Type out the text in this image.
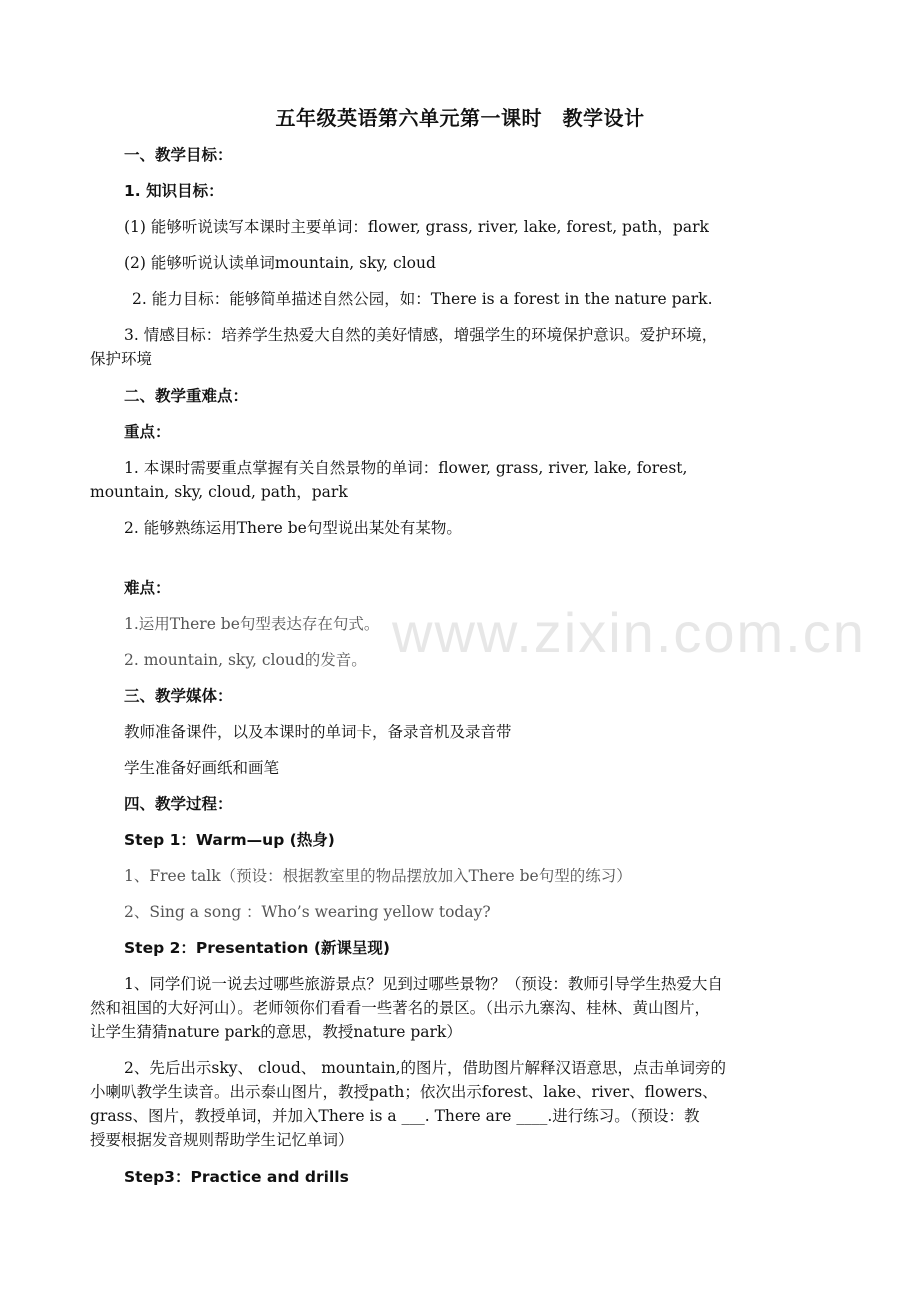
五年级英语第六单元第一课时　教学设计
一、教学目标：
1. 知识目标：
(1) 能够听说读写本课时主要单词：flower, grass, river, lake, forest, path，park
(2) 能够听说认读单词mountain, sky, cloud
2. 能力目标：能够简单描述自然公园，如：There is a forest in the nature park.
3. 情感目标：培养学生热爱大自然的美好情感，增强学生的环境保护意识。爱护环境，
保护环境
二、教学重难点：
重点：
1. 本课时需要重点掌握有关自然景物的单词：flower, grass, river, lake, forest,
mountain, sky, cloud, path，park
2. 能够熟练运用There be句型说出某处有某物。
难点：
1.运用There be句型表达存在句式。
2. mountain, sky, cloud的发音。
三、教学媒体：
教师准备课件，以及本课时的单词卡，备录音机及录音带
学生准备好画纸和画笔
四、教学过程：
Step 1：Warm—up (热身)
1、Free talk（预设：根据教室里的物品摆放加入There be句型的练习）
2、Sing a song ：Who’s wearing yellow today?
Step 2：Presentation (新课呈现)
1、同学们说一说去过哪些旅游景点？见到过哪些景物？（预设：教师引导学生热爱大自
然和祖国的大好河山）。老师领你们看看一些著名的景区。（出示九寨沟、桂林、黄山图片，
让学生猜猜nature park的意思，教授nature park）
2、先后出示sky、 cloud、 mountain,的图片，借助图片解释汉语意思，点击单词旁的
小喇叭教学生读音。出示泰山图片，教授path；依次出示forest、lake、river、flowers、
grass、图片，教授单词，并加入There is a ___. There are ____.进行练习。（预设：教
授要根据发音规则帮助学生记忆单词）
Step3：Practice and drills
www.zixin.com.cn
